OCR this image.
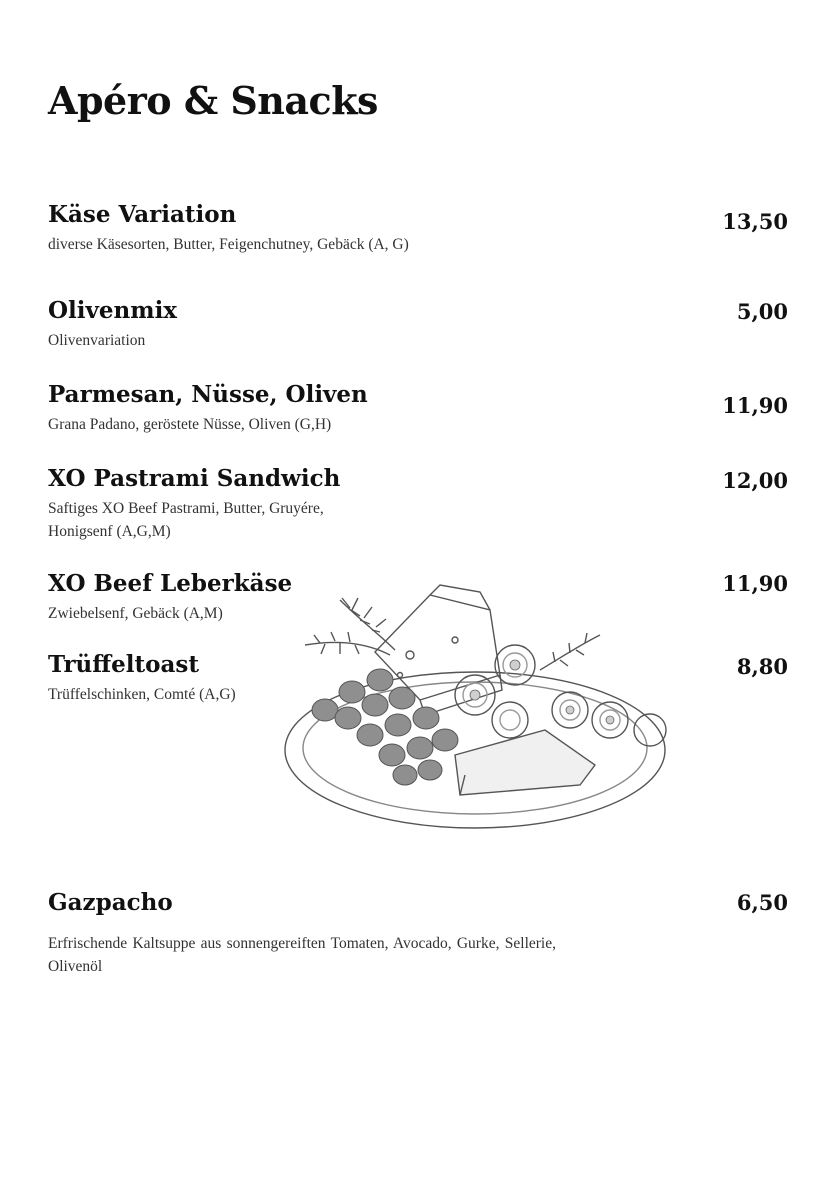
Apéro & Snacks
Käse Variation
diverse Käsesorten, Butter, Feigenchutney, Gebäck (A, G)
13,50
Olivenmix
Olivenvariation
5,00
Parmesan, Nüsse, Oliven
Grana Padano, geröstete Nüsse, Oliven (G,H)
11,90
XO Pastrami Sandwich
Saftiges XO Beef Pastrami, Butter, Gruyére, Honigsenf (A,G,M)
12,00
XO Beef Leberkäse
Zwiebelsenf, Gebäck (A,M)
11,90
Trüffeltoast
Trüffelschinken, Comté (A,G)
8,80
Gazpacho
Erfrischende Kaltsuppe aus sonnengereiften Tomaten, Avocado, Gurke, Sellerie, Olivenöl
6,50
